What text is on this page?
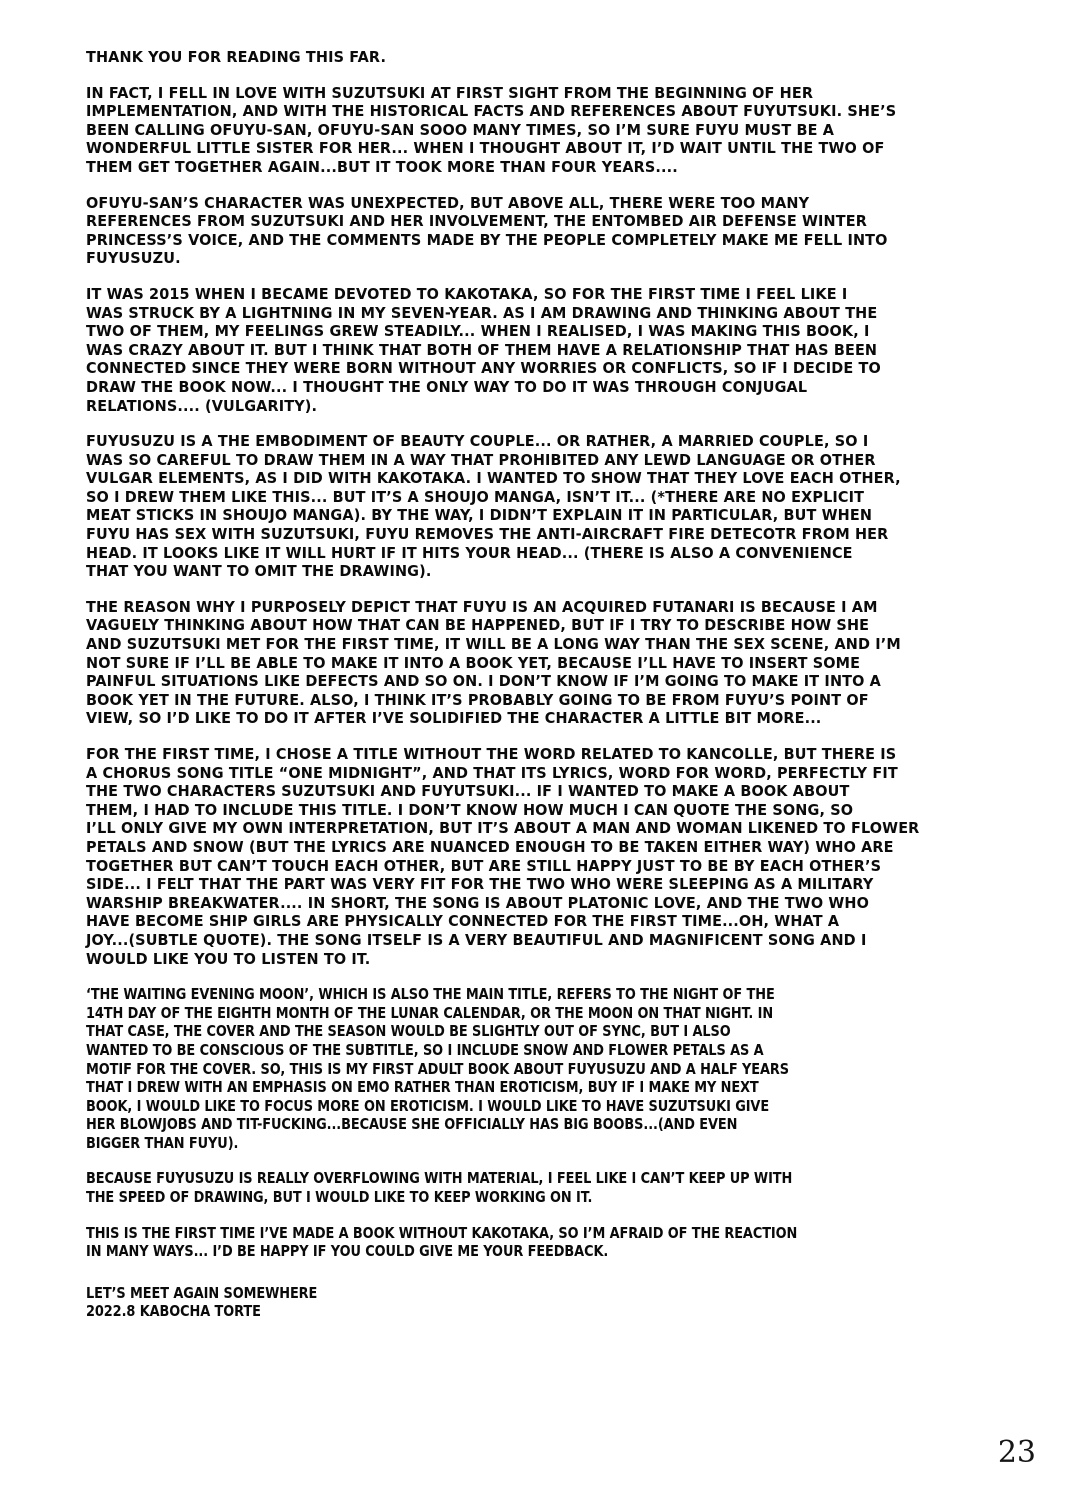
THANK YOU FOR READING THIS FAR.

IN FACT, I FELL IN LOVE WITH SUZUTSUKI AT FIRST SIGHT FROM THE BEGINNING OF HER
IMPLEMENTATION, AND WITH THE HISTORICAL FACTS AND REFERENCES ABOUT FUYUTSUKI. SHE’S
BEEN CALLING OFUYU-SAN, OFUYU-SAN SOOO MANY TIMES, SO I’M SURE FUYU MUST BE A
WONDERFUL LITTLE SISTER FOR HER... WHEN I THOUGHT ABOUT IT, I’D WAIT UNTIL THE TWO OF
THEM GET TOGETHER AGAIN...BUT IT TOOK MORE THAN FOUR YEARS....

OFUYU-SAN’S CHARACTER WAS UNEXPECTED, BUT ABOVE ALL, THERE WERE TOO MANY
REFERENCES FROM SUZUTSUKI AND HER INVOLVEMENT, THE ENTOMBED AIR DEFENSE WINTER
PRINCESS’S VOICE, AND THE COMMENTS MADE BY THE PEOPLE COMPLETELY MAKE ME FELL INTO
FUYUSUZU.

IT WAS 2015 WHEN I BECAME DEVOTED TO KAKOTAKA, SO FOR THE FIRST TIME I FEEL LIKE I
WAS STRUCK BY A LIGHTNING IN MY SEVEN-YEAR. AS I AM DRAWING AND THINKING ABOUT THE
TWO OF THEM, MY FEELINGS GREW STEADILY... WHEN I REALISED, I WAS MAKING THIS BOOK, I
WAS CRAZY ABOUT IT. BUT I THINK THAT BOTH OF THEM HAVE A RELATIONSHIP THAT HAS BEEN
CONNECTED SINCE THEY WERE BORN WITHOUT ANY WORRIES OR CONFLICTS, SO IF I DECIDE TO
DRAW THE BOOK NOW... I THOUGHT THE ONLY WAY TO DO IT WAS THROUGH CONJUGAL
RELATIONS.... (VULGARITY).

FUYUSUZU IS A THE EMBODIMENT OF BEAUTY COUPLE... OR RATHER, A MARRIED COUPLE, SO I
WAS SO CAREFUL TO DRAW THEM IN A WAY THAT PROHIBITED ANY LEWD LANGUAGE OR OTHER
VULGAR ELEMENTS, AS I DID WITH KAKOTAKA. I WANTED TO SHOW THAT THEY LOVE EACH OTHER,
SO I DREW THEM LIKE THIS... BUT IT’S A SHOUJO MANGA, ISN’T IT... (*THERE ARE NO EXPLICIT
MEAT STICKS IN SHOUJO MANGA). BY THE WAY, I DIDN’T EXPLAIN IT IN PARTICULAR, BUT WHEN
FUYU HAS SEX WITH SUZUTSUKI, FUYU REMOVES THE ANTI-AIRCRAFT FIRE DETECOTR FROM HER
HEAD. IT LOOKS LIKE IT WILL HURT IF IT HITS YOUR HEAD... (THERE IS ALSO A CONVENIENCE
THAT YOU WANT TO OMIT THE DRAWING).

THE REASON WHY I PURPOSELY DEPICT THAT FUYU IS AN ACQUIRED FUTANARI IS BECAUSE I AM
VAGUELY THINKING ABOUT HOW THAT CAN BE HAPPENED, BUT IF I TRY TO DESCRIBE HOW SHE
AND SUZUTSUKI MET FOR THE FIRST TIME, IT WILL BE A LONG WAY THAN THE SEX SCENE, AND I’M
NOT SURE IF I’LL BE ABLE TO MAKE IT INTO A BOOK YET, BECAUSE I’LL HAVE TO INSERT SOME
PAINFUL SITUATIONS LIKE DEFECTS AND SO ON. I DON’T KNOW IF I’M GOING TO MAKE IT INTO A
BOOK YET IN THE FUTURE. ALSO, I THINK IT’S PROBABLY GOING TO BE FROM FUYU’S POINT OF
VIEW, SO I’D LIKE TO DO IT AFTER I’VE SOLIDIFIED THE CHARACTER A LITTLE BIT MORE...

FOR THE FIRST TIME, I CHOSE A TITLE WITHOUT THE WORD RELATED TO KANCOLLE, BUT THERE IS
A CHORUS SONG TITLE “ONE MIDNIGHT”, AND THAT ITS LYRICS, WORD FOR WORD, PERFECTLY FIT
THE TWO CHARACTERS SUZUTSUKI AND FUYUTSUKI... IF I WANTED TO MAKE A BOOK ABOUT
THEM, I HAD TO INCLUDE THIS TITLE. I DON’T KNOW HOW MUCH I CAN QUOTE THE SONG, SO
I’LL ONLY GIVE MY OWN INTERPRETATION, BUT IT’S ABOUT A MAN AND WOMAN LIKENED TO FLOWER
PETALS AND SNOW (BUT THE LYRICS ARE NUANCED ENOUGH TO BE TAKEN EITHER WAY) WHO ARE
TOGETHER BUT CAN’T TOUCH EACH OTHER, BUT ARE STILL HAPPY JUST TO BE BY EACH OTHER’S
SIDE... I FELT THAT THE PART WAS VERY FIT FOR THE TWO WHO WERE SLEEPING AS A MILITARY
WARSHIP BREAKWATER.... IN SHORT, THE SONG IS ABOUT PLATONIC LOVE, AND THE TWO WHO
HAVE BECOME SHIP GIRLS ARE PHYSICALLY CONNECTED FOR THE FIRST TIME...OH, WHAT A
JOY...(SUBTLE QUOTE). THE SONG ITSELF IS A VERY BEAUTIFUL AND MAGNIFICENT SONG AND I
WOULD LIKE YOU TO LISTEN TO IT.

‘THE WAITING EVENING MOON’, WHICH IS ALSO THE MAIN TITLE, REFERS TO THE NIGHT OF THE
14TH DAY OF THE EIGHTH MONTH OF THE LUNAR CALENDAR, OR THE MOON ON THAT NIGHT. IN
THAT CASE, THE COVER AND THE SEASON WOULD BE SLIGHTLY OUT OF SYNC, BUT I ALSO
WANTED TO BE CONSCIOUS OF THE SUBTITLE, SO I INCLUDE SNOW AND FLOWER PETALS AS A
MOTIF FOR THE COVER. SO, THIS IS MY FIRST ADULT BOOK ABOUT FUYUSUZU AND A HALF YEARS
THAT I DREW WITH AN EMPHASIS ON EMO RATHER THAN EROTICISM, BUY IF I MAKE MY NEXT
BOOK, I WOULD LIKE TO FOCUS MORE ON EROTICISM. I WOULD LIKE TO HAVE SUZUTSUKI GIVE
HER BLOWJOBS AND TIT-FUCKING...BECAUSE SHE OFFICIALLY HAS BIG BOOBS...(AND EVEN
BIGGER THAN FUYU).

BECAUSE FUYUSUZU IS REALLY OVERFLOWING WITH MATERIAL, I FEEL LIKE I CAN’T KEEP UP WITH
THE SPEED OF DRAWING, BUT I WOULD LIKE TO KEEP WORKING ON IT.

THIS IS THE FIRST TIME I’VE MADE A BOOK WITHOUT KAKOTAKA, SO I’M AFRAID OF THE REACTION
IN MANY WAYS... I’D BE HAPPY IF YOU COULD GIVE ME YOUR FEEDBACK.

LET’S MEET AGAIN SOMEWHERE
2022.8 KABOCHA TORTE

23
